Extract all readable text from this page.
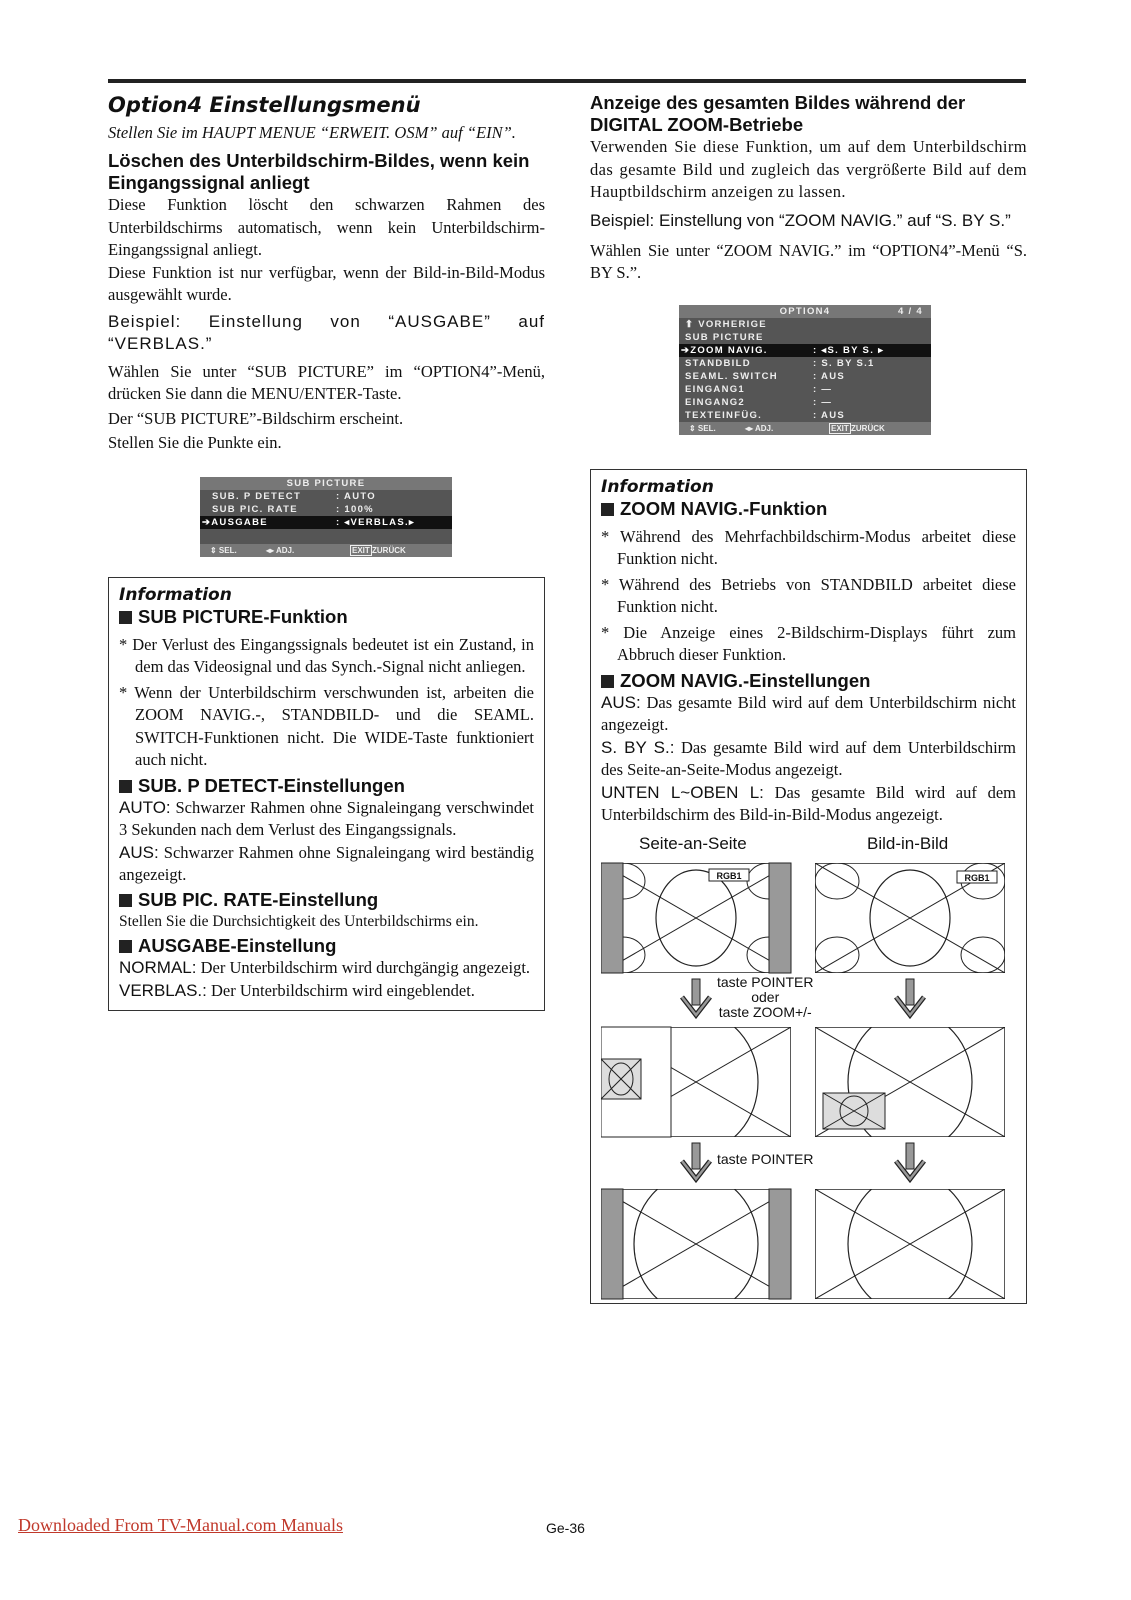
Option4 Einstellungsmenü
Stellen Sie im HAUPT MENUE “ERWEIT. OSM” auf “EIN”.
Löschen des Unterbildschirm-Bildes, wenn kein Eingangssignal anliegt

Diese Funktion löscht den schwarzen Rahmen des Unterbildschirms automatisch, wenn kein Unterbildschirm-Eingangssignal anliegt.

Diese Funktion ist nur verfügbar, wenn der Bild-in-Bild-Modus ausgewählt wurde.

Beispiel: Einstellung von “AUSGABE” auf “VERBLAS.”

Wählen Sie unter “SUB PICTURE” im “OPTION4”-Menü, drücken Sie dann die MENU/ENTER-Taste.

Der “SUB PICTURE”-Bildschirm erscheint.

Stellen Sie die Punkte ein.

SUB PICTURE
SUB. P DETECT	: AUTO
SUB PIC. RATE	: 100%
➔AUSGABE	: ◂VERBLAS.▸
⇕ SEL.	◂▸ ADJ.	EXIT ZURÜCK
Information
SUB PICTURE-Funktion

* Der Verlust des Eingangssignals bedeutet ist ein Zustand, in dem das Videosignal und das Synch.-Signal nicht anliegen.

* Wenn der Unterbildschirm verschwunden ist, arbeiten die ZOOM NAVIG.-, STANDBILD- und die SEAML. SWITCH-Funktionen nicht. Die WIDE-Taste funktioniert auch nicht.

SUB. P DETECT-Einstellungen

AUTO: Schwarzer Rahmen ohne Signaleingang verschwindet 3 Sekunden nach dem Verlust des Eingangssignals.

AUS: Schwarzer Rahmen ohne Signaleingang wird beständig angezeigt.

SUB PIC. RATE-Einstellung

Stellen Sie die Durchsichtigkeit des Unterbildschirms ein.

AUSGABE-Einstellung

NORMAL: Der Unterbildschirm wird durchgängig angezeigt.

VERBLAS.: Der Unterbildschirm wird eingeblendet.

Anzeige des gesamten Bildes während der DIGITAL ZOOM-Betriebe

Verwenden Sie diese Funktion, um auf dem Unterbildschirm das gesamte Bild und zugleich das vergrößerte Bild auf dem Hauptbildschirm anzeigen zu lassen.

Beispiel: Einstellung von “ZOOM NAVIG.” auf “S. BY S.”

Wählen Sie unter “ZOOM NAVIG.” im “OPTION4”-Menü “S. BY S.”.

OPTION4	4 / 4
⬆ VORHERIGE
SUB PICTURE
➔ZOOM NAVIG.	: ◂S. BY S. ▸
STANDBILD	: S. BY S.1
SEAML. SWITCH	: AUS
EINGANG1	: —
EINGANG2	: —
TEXTEINFÜG.	: AUS
⇕ SEL.	◂▸ ADJ.	EXIT ZURÜCK
Information
ZOOM NAVIG.-Funktion

* Während des Mehrfachbildschirm-Modus arbeitet diese Funktion nicht.

* Während des Betriebs von STANDBILD arbeitet diese Funktion nicht.

* Die Anzeige eines 2-Bildschirm-Displays führt zum Abbruch dieser Funktion.

ZOOM NAVIG.-Einstellungen

AUS: Das gesamte Bild wird auf dem Unterbildschirm nicht angezeigt.

S. BY S.: Das gesamte Bild wird auf dem Unterbildschirm des Seite-an-Seite-Modus angezeigt.

UNTEN L~OBEN L: Das gesamte Bild wird auf dem Unterbildschirm des Bild-in-Bild-Modus angezeigt.

Seite-an-Seite	Bild-in-Bild
RGB1	RGB1
taste POINTER
oder
taste ZOOM+/-
taste POINTER
Downloaded From TV-Manual.com Manuals	Ge-36
